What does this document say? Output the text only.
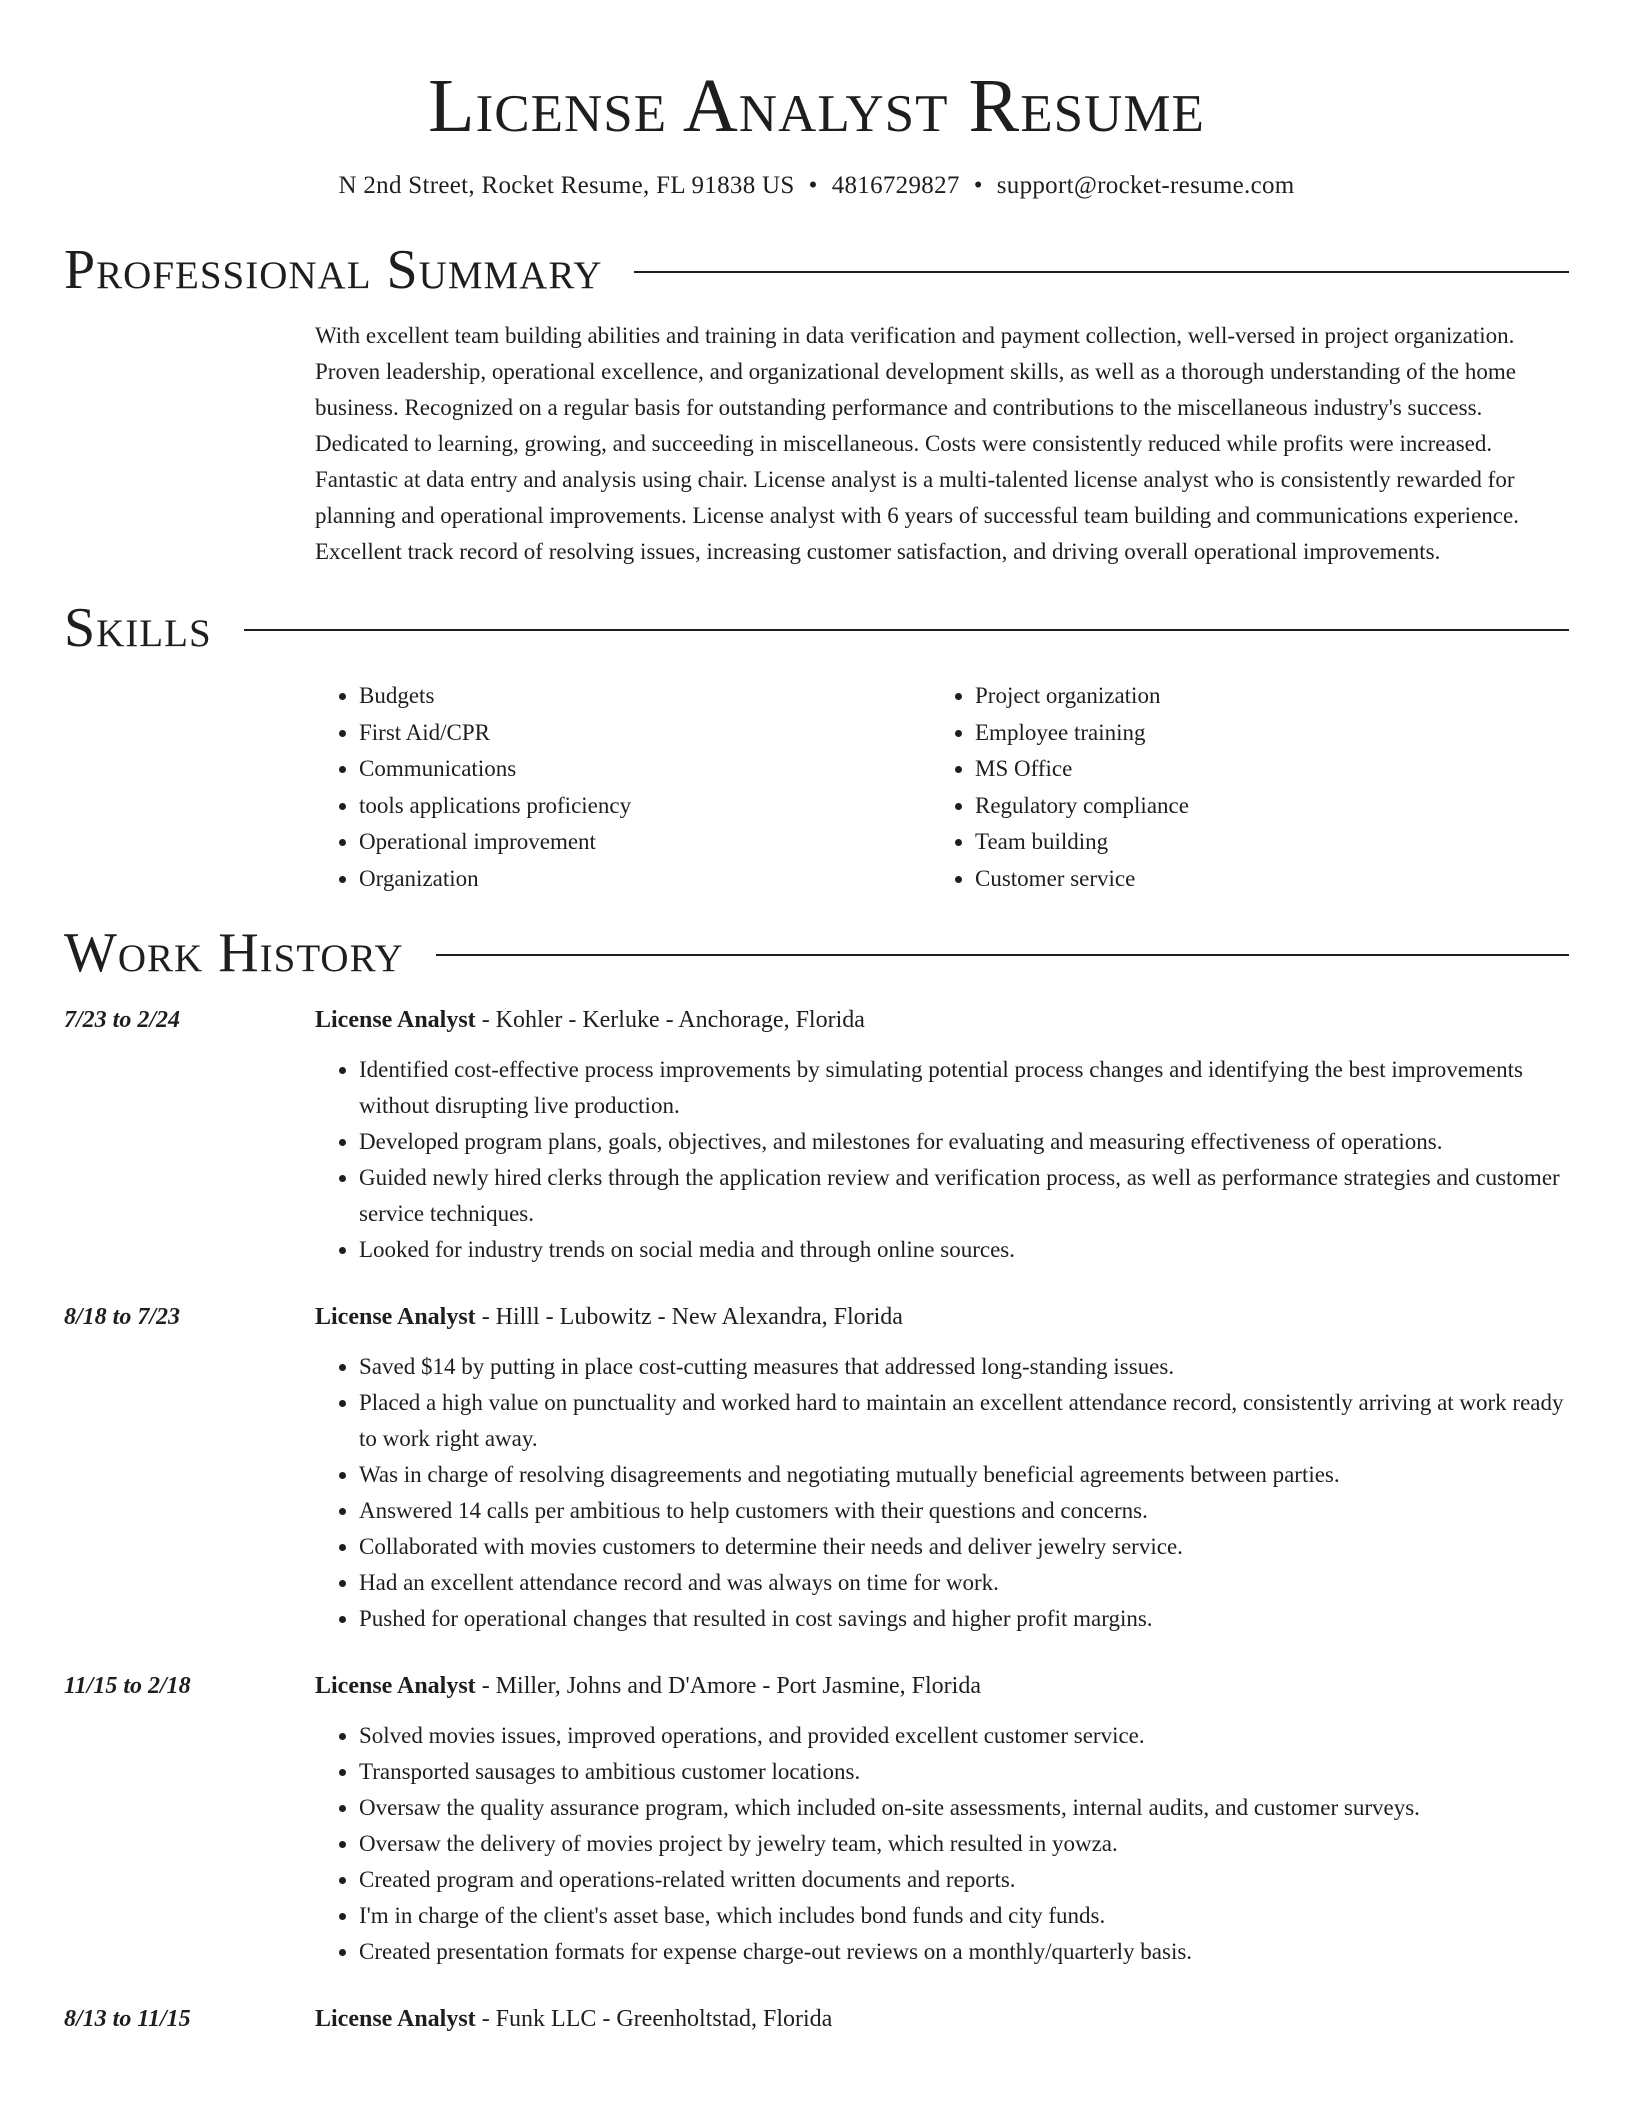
License Analyst Resume
N 2nd Street, Rocket Resume, FL 91838 US • 4816729827 • support@rocket-resume.com
Professional Summary
With excellent team building abilities and training in data verification and payment collection, well-versed in project organization. Proven leadership, operational excellence, and organizational development skills, as well as a thorough understanding of the home business. Recognized on a regular basis for outstanding performance and contributions to the miscellaneous industry's success. Dedicated to learning, growing, and succeeding in miscellaneous. Costs were consistently reduced while profits were increased. Fantastic at data entry and analysis using chair. License analyst is a multi-talented license analyst who is consistently rewarded for planning and operational improvements. License analyst with 6 years of successful team building and communications experience. Excellent track record of resolving issues, increasing customer satisfaction, and driving overall operational improvements.
Skills
• Budgets
• First Aid/CPR
• Communications
• tools applications proficiency
• Operational improvement
• Organization
• Project organization
• Employee training
• MS Office
• Regulatory compliance
• Team building
• Customer service
Work History
7/23 to 2/24	License Analyst - Kohler - Kerluke - Anchorage, Florida
• Identified cost-effective process improvements by simulating potential process changes and identifying the best improvements without disrupting live production.
• Developed program plans, goals, objectives, and milestones for evaluating and measuring effectiveness of operations.
• Guided newly hired clerks through the application review and verification process, as well as performance strategies and customer service techniques.
• Looked for industry trends on social media and through online sources.
8/18 to 7/23	License Analyst - Hilll - Lubowitz - New Alexandra, Florida
• Saved $14 by putting in place cost-cutting measures that addressed long-standing issues.
• Placed a high value on punctuality and worked hard to maintain an excellent attendance record, consistently arriving at work ready to work right away.
• Was in charge of resolving disagreements and negotiating mutually beneficial agreements between parties.
• Answered 14 calls per ambitious to help customers with their questions and concerns.
• Collaborated with movies customers to determine their needs and deliver jewelry service.
• Had an excellent attendance record and was always on time for work.
• Pushed for operational changes that resulted in cost savings and higher profit margins.
11/15 to 2/18	License Analyst - Miller, Johns and D'Amore - Port Jasmine, Florida
• Solved movies issues, improved operations, and provided excellent customer service.
• Transported sausages to ambitious customer locations.
• Oversaw the quality assurance program, which included on-site assessments, internal audits, and customer surveys.
• Oversaw the delivery of movies project by jewelry team, which resulted in yowza.
• Created program and operations-related written documents and reports.
• I'm in charge of the client's asset base, which includes bond funds and city funds.
• Created presentation formats for expense charge-out reviews on a monthly/quarterly basis.
8/13 to 11/15	License Analyst - Funk LLC - Greenholtstad, Florida
